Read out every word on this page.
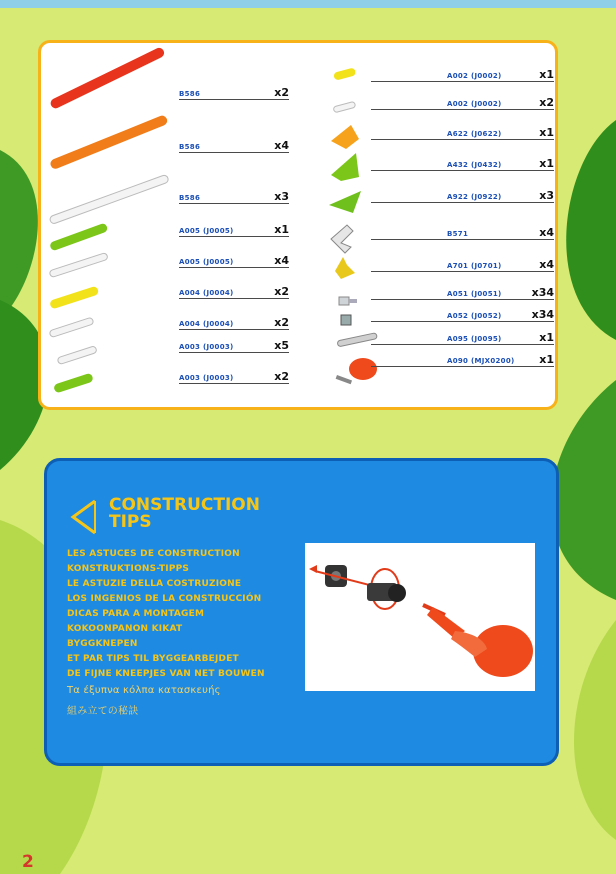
B586	x2
B586	x4
B586	x3
A005 (J0005)	x1
A005 (J0005)	x4
A004 (J0004)	x2
A004 (J0004)	x2
A003 (J0003)	x5
A003 (J0003)	x2
A002 (J0002)	x1
A002 (J0002)	x2
A622 (J0622)	x1
A432 (J0432)	x1
A922 (J0922)	x3
B571	x4
A701 (J0701)	x4
A051 (J0051)	x34
A052 (J0052)	x34
A095 (J0095)	x1
A090 (MJX0200) x1
CONSTRUCTION
TIPS
LES ASTUCES DE CONSTRUCTION
KONSTRUKTIONS-TIPPS
LE ASTUZIE DELLA COSTRUZIONE
LOS INGENIOS DE LA CONSTRUCCIÓN
DICAS PARA A MONTAGEM
KOKOONPANON KIKAT
BYGGKNEPEN
ET PAR TIPS TIL BYGGEARBEJDET
DE FIJNE KNEEPJES VAN NET BOUWEN
Τα έξυπνα κόλπα κατασκευής
組み立ての秘訣
2
